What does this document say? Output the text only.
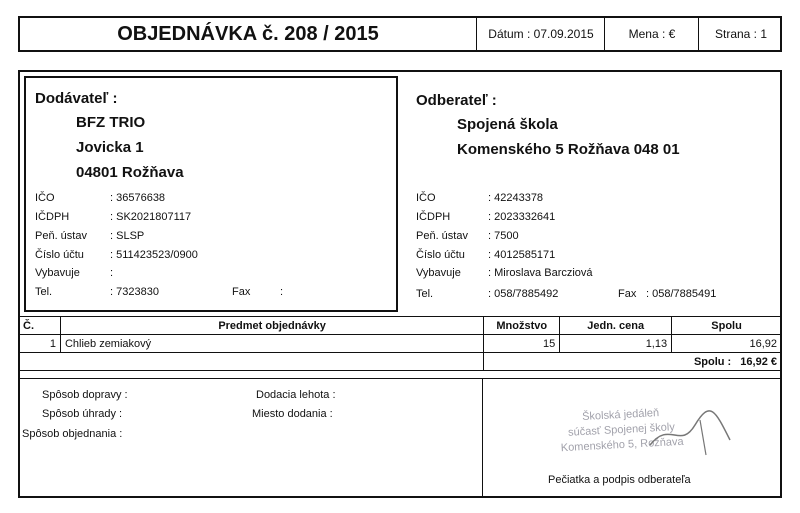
OBJEDNÁVKA č. 208 / 2015	Dátum : 07.09.2015	Mena : €	Strana : 1
Dodávateľ :
BFZ TRIO
Jovicka 1
04801 Rožňava
IČO	: 36576638
IČDPH	: SK2021807117
Peň. ústav : SLSP
Číslo účtu : 511423523/0900
Vybavuje	:
Tel.	: 7323830	Fax	:
Odberateľ :
Spojená škola
Komenského 5 Rožňava 048 01
IČO	: 42243378
IČDPH	: 2023332641
Peň. ústav : 7500
Číslo účtu : 4012585171
Vybavuje : Miroslava Barcziová
Tel.	: 058/7885492	Fax : 058/7885491
Č.	Predmet objednávky	Množstvo	Jedn. cena	Spolu
1	Chlieb zemiakový	15	1,13	16,92
		Spolu : 16,92 €		
Spôsob dopravy :
Spôsob úhrady :
Spôsob objednania :
Dodacia lehota :
Miesto dodania :	Školská jedáleň
súčasť Spojenej školy
Komenského 5, Rožňava
Pečiatka a podpis odberateľa
